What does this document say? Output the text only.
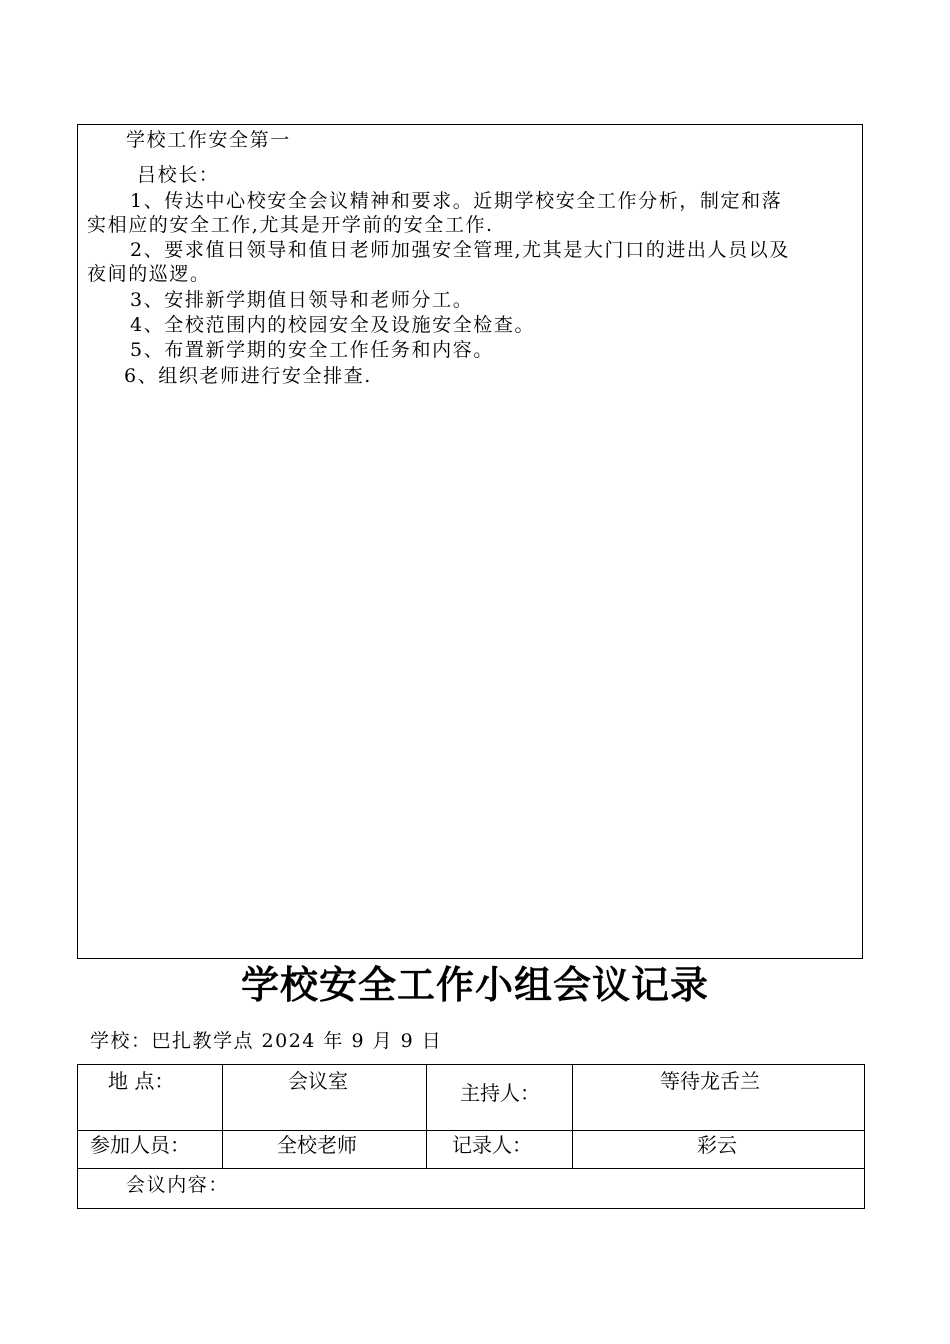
学校工作安全第一
吕校长：
1、传达中心校安全会议精神和要求。近期学校安全工作分析，制定和落
实相应的安全工作,尤其是开学前的安全工作.
2、要求值日领导和值日老师加强安全管理,尤其是大门口的进出人员以及
夜间的巡逻。
3、安排新学期值日领导和老师分工。
4、全校范围内的校园安全及设施安全检查。
5、布置新学期的安全工作任务和内容。
6、组织老师进行安全排查.
学校安全工作小组会议记录
学校：巴扎教学点 2024 年 9 月 9 日
地 点：	会议室	主持人：	等待龙舌兰
参加人员：	全校老师	记录人：	彩云
会议内容：
